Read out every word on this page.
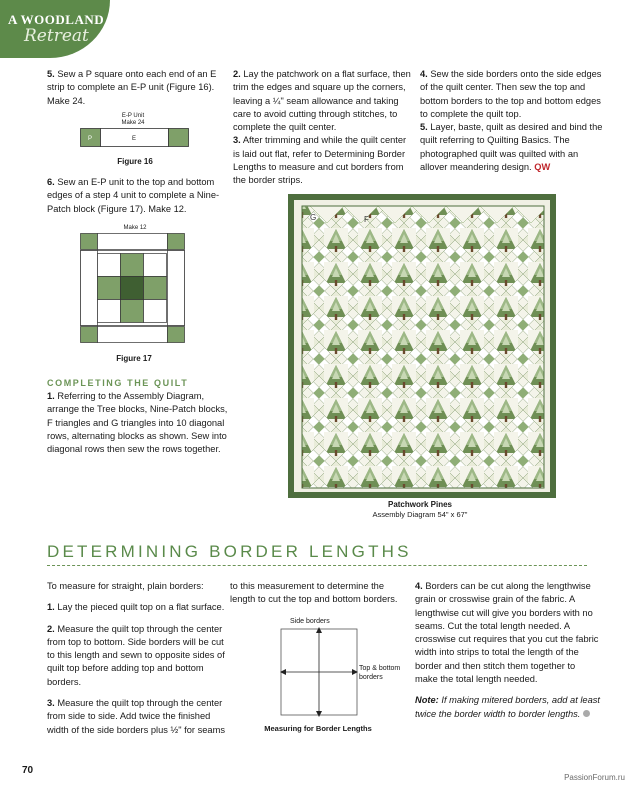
A WOODLAND
Retreat
5. Sew a P square onto each end of an E strip to complete an E-P unit (Figure 16). Make 24.
E-P Unit
Make 24
P	E
Figure 16
6. Sew an E-P unit to the top and bottom edges of a step 4 unit to complete a Nine-Patch block (Figure 17). Make 12.
Make 12
Figure 17
COMPLETING THE QUILT
1. Referring to the Assembly Diagram, arrange the Tree blocks, Nine-Patch blocks, F triangles and G triangles into 10 diagonal rows, alternating blocks as shown. Sew into diagonal rows then sew the rows together.
2. Lay the patchwork on a flat surface, then trim the edges and square up the corners, leaving a ¼" seam allowance and taking care to avoid cutting through stitches, to complete the quilt center.
3. After trimming and while the quilt center is laid out flat, refer to Determining Border Lengths to measure and cut borders from the border strips.
4. Sew the side borders onto the side edges of the quilt center. Then sew the top and bottom borders to the top and bottom edges to complete the quilt top.
5. Layer, baste, quilt as desired and bind the quilt referring to Quilting Basics. The photographed quilt was quilted with an allover meandering design. QW
G	F
Patchwork Pines
Assembly Diagram 54" x 67"
DETERMINING BORDER LENGTHS
To measure for straight, plain borders:
1. Lay the pieced quilt top on a flat surface.
2. Measure the quilt top through the center from top to bottom. Side borders will be cut to this length and sewn to opposite sides of quilt top before adding top and bottom borders.
3. Measure the quilt top through the center from side to side. Add twice the finished width of the side borders plus ½" for seams
to this measurement to determine the length to cut the top and bottom borders.
Side borders
Top & bottom
borders
Measuring for Border Lengths
4. Borders can be cut along the lengthwise grain or crosswise grain of the fabric. A lengthwise cut will give you borders with no seams. Cut the total length needed. A crosswise cut requires that you cut the fabric width into strips to total the length of the border and then stitch them together to make the total length needed.
Note: If making mitered borders, add at least twice the border width to border lengths.
70
PassionForum.ru
